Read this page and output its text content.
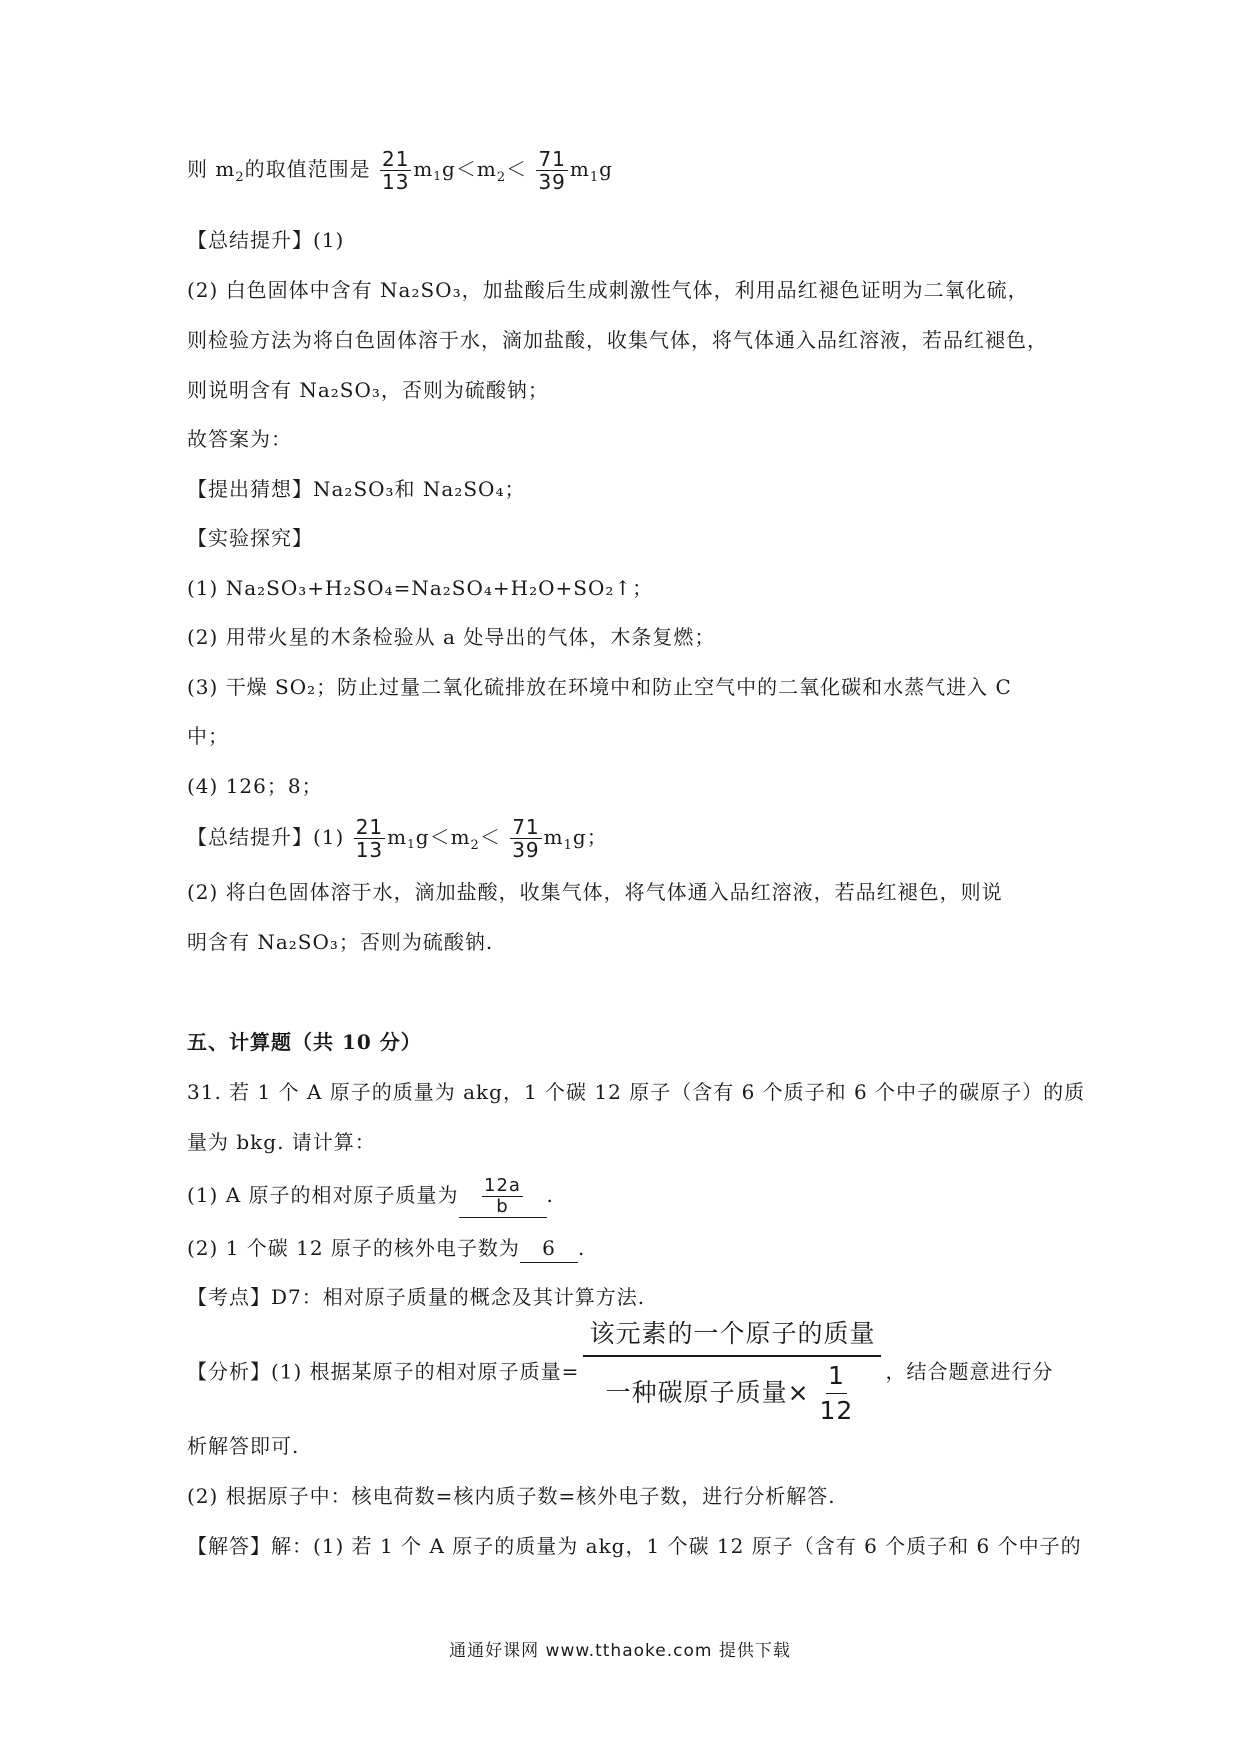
则 $m_2$的取值范围是 $\frac{21}{13} m_1g<m_2< \frac{71}{39} m_1g$
【总结提升】(1)
(2) 白色固体中含有 Na₂SO₃，加盐酸后生成刺激性气体，利用品红褪色证明为二氧化硫，
则检验方法为将白色固体溶于水，滴加盐酸，收集气体，将气体通入品红溶液，若品红褪色，
则说明含有 Na₂SO₃，否则为硫酸钠；
故答案为：
【提出猜想】Na₂SO₃和 Na₂SO₄；
【实验探究】
(1) Na₂SO₃+H₂SO₄=Na₂SO₄+H₂O+SO₂↑；
(2) 用带火星的木条检验从 a 处导出的气体，木条复燃；
(3) 干燥 SO₂；防止过量二氧化硫排放在环境中和防止空气中的二氧化碳和水蒸气进入 C
中；
(4) 126；8；
【总结提升】$(1) \frac{21}{13} m_1g<m_2< \frac{71}{39} m_1g$；
(2) 将白色固体溶于水，滴加盐酸，收集气体，将气体通入品红溶液，若品红褪色，则说
明含有 Na₂SO₃；否则为硫酸钠.
五、计算题（共 10 分）
31. 若 1 个 A 原子的质量为 akg，1 个碳 12 原子（含有 6 个质子和 6 个中子的碳原子）的质
量为 bkg. 请计算：
(1) A 原子的相对原子质量为 $\frac{12a}{b}$ .
(2) 1 个碳 12 原子的核外电子数为 6 .
【考点】D7：相对原子质量的概念及其计算方法.
【分析】(1) 根据某原子的相对原子质量= $\frac{\text{该元素的一个原子的质量}}{一种碳原子质量\times \frac{1}{12}}$ ，结合题意进行分
析解答即可.
(2) 根据原子中：核电荷数=核内质子数=核外电子数，进行分析解答.
【解答】解：(1) 若 1 个 A 原子的质量为 akg，1 个碳 12 原子（含有 6 个质子和 6 个中子的
通通好课网 www.tthaoke.com 提供下载
